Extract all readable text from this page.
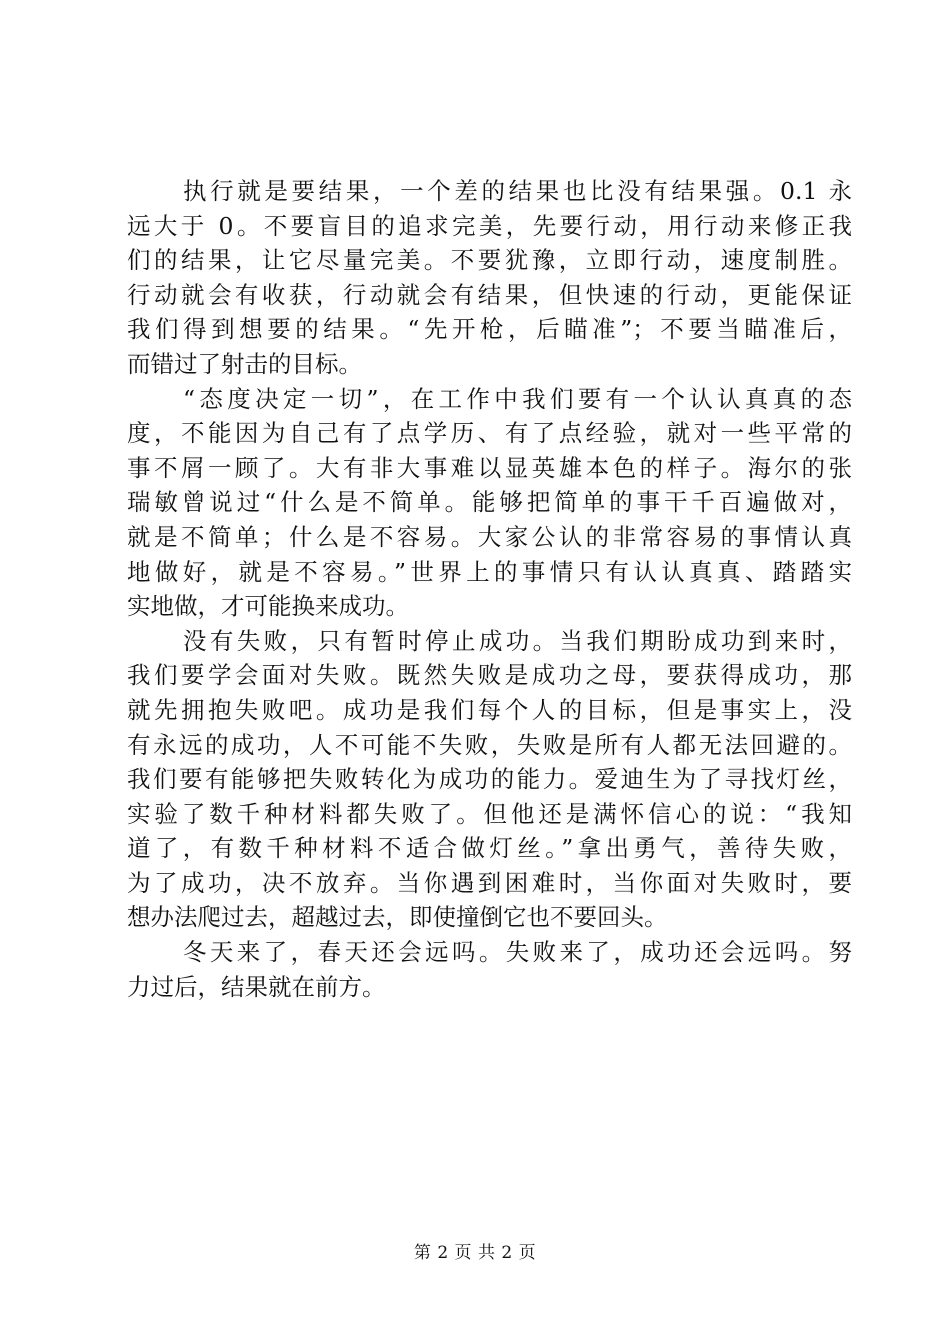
执行就是要结果，一个差的结果也比没有结果强。0.1 永
远大于 0。不要盲目的追求完美，先要行动，用行动来修正我
们的结果，让它尽量完美。不要犹豫，立即行动，速度制胜。
行动就会有收获，行动就会有结果，但快速的行动，更能保证
我们得到想要的结果。“先开枪，后瞄准”；不要当瞄准后，
而错过了射击的目标。
“态度决定一切”，在工作中我们要有一个认认真真的态
度，不能因为自己有了点学历、有了点经验，就对一些平常的
事不屑一顾了。大有非大事难以显英雄本色的样子。海尔的张
瑞敏曾说过“什么是不简单。能够把简单的事干千百遍做对，
就是不简单；什么是不容易。大家公认的非常容易的事情认真
地做好，就是不容易。”世界上的事情只有认认真真、踏踏实
实地做，才可能换来成功。
没有失败，只有暂时停止成功。当我们期盼成功到来时，
我们要学会面对失败。既然失败是成功之母，要获得成功，那
就先拥抱失败吧。成功是我们每个人的目标，但是事实上，没
有永远的成功，人不可能不失败，失败是所有人都无法回避的。
我们要有能够把失败转化为成功的能力。爱迪生为了寻找灯丝，
实验了数千种材料都失败了。但他还是满怀信心的说：“我知
道了，有数千种材料不适合做灯丝。”拿出勇气，善待失败，
为了成功，决不放弃。当你遇到困难时，当你面对失败时，要
想办法爬过去，超越过去，即使撞倒它也不要回头。
冬天来了，春天还会远吗。失败来了，成功还会远吗。努
力过后，结果就在前方。
第 2 页 共 2 页
